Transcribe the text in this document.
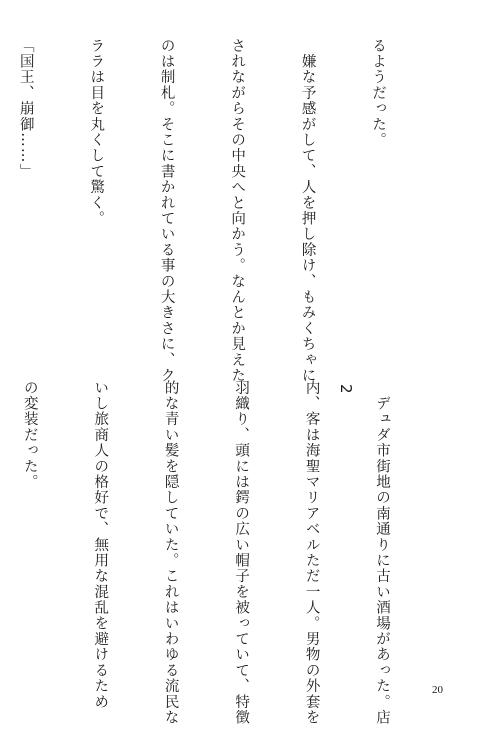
るようだった。

　嫌な予感がして、人を押し除け、もみくちゃに

されながらその中央へと向かう。なんとか見えた

のは制札。そこに書かれている事の大きさに、ク

ララは目を丸くして驚く。

「国王、崩御……」

2

	　デュダ市街地の南通りに古い酒場があった。店

内、客は海聖マリアベルただ一人。男物の外套を

羽織り、頭には鍔の広い帽子を被っていて、特徴

的な青い髪を隠していた。これはいわゆる流民な

いし旅商人の格好で、無用な混乱を避けるため

の変装だった。

20
